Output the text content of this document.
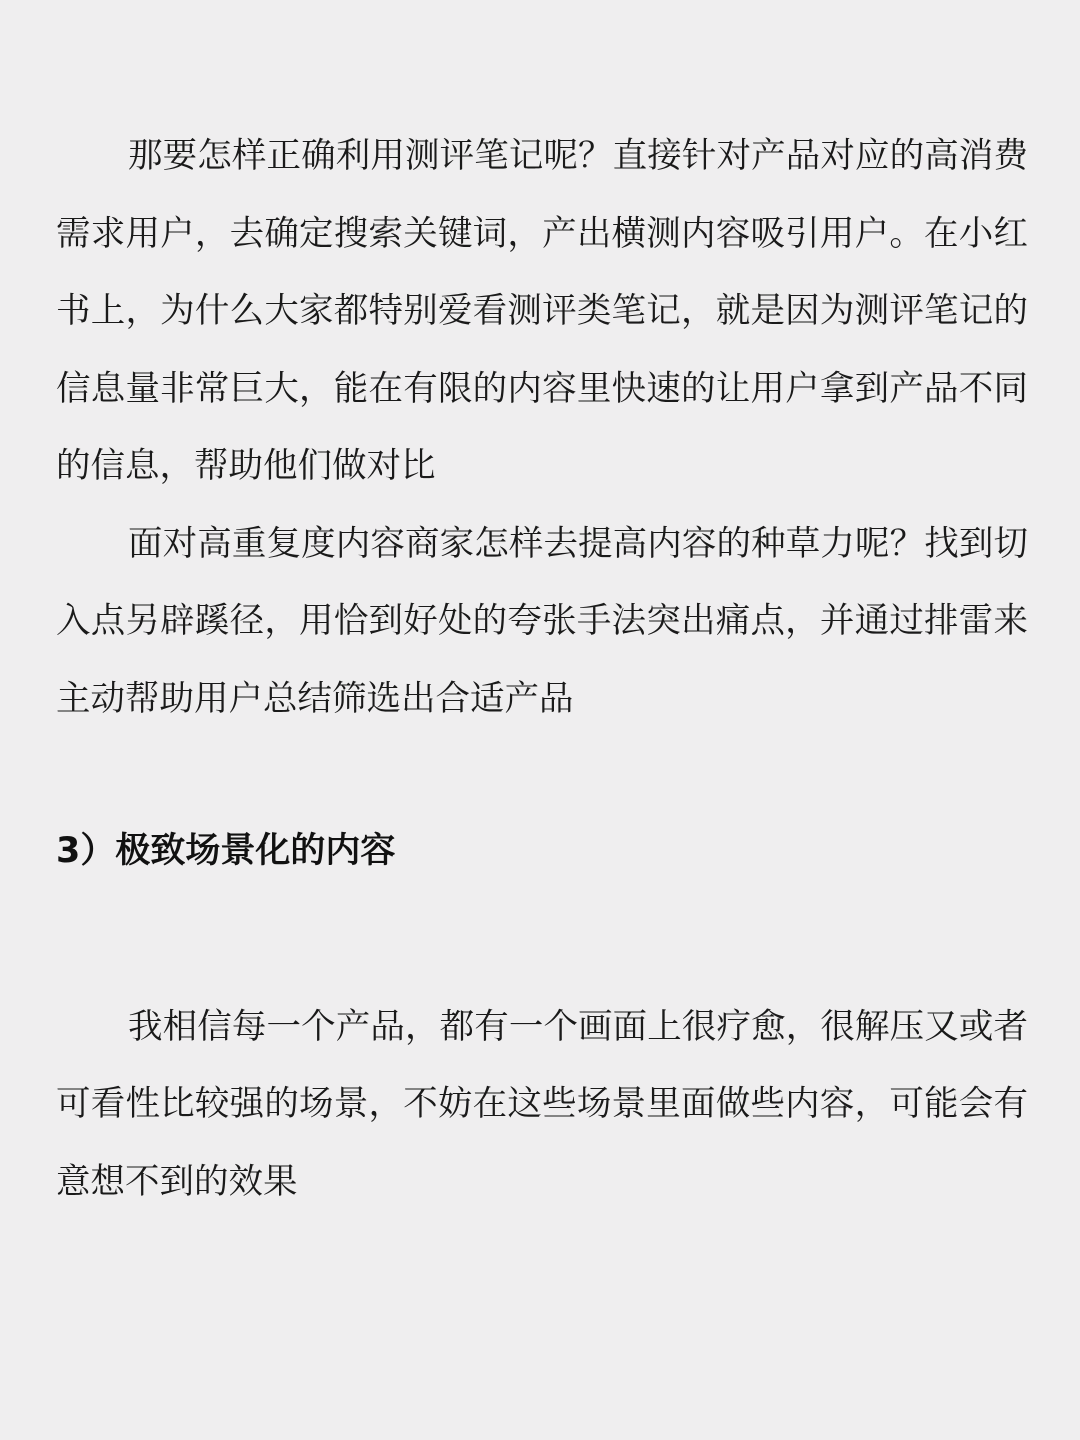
那要怎样正确利用测评笔记呢？直接针对产品对应的高消费需求用户，去确定搜索关键词，产出横测内容吸引用户。在小红书上，为什么大家都特别爱看测评类笔记，就是因为测评笔记的信息量非常巨大，能在有限的内容里快速的让用户拿到产品不同的信息，帮助他们做对比

面对高重复度内容商家怎样去提高内容的种草力呢？找到切入点另辟蹊径，用恰到好处的夸张手法突出痛点，并通过排雷来主动帮助用户总结筛选出合适产品

3）极致场景化的内容

我相信每一个产品，都有一个画面上很疗愈，很解压又或者可看性比较强的场景，不妨在这些场景里面做些内容，可能会有意想不到的效果
